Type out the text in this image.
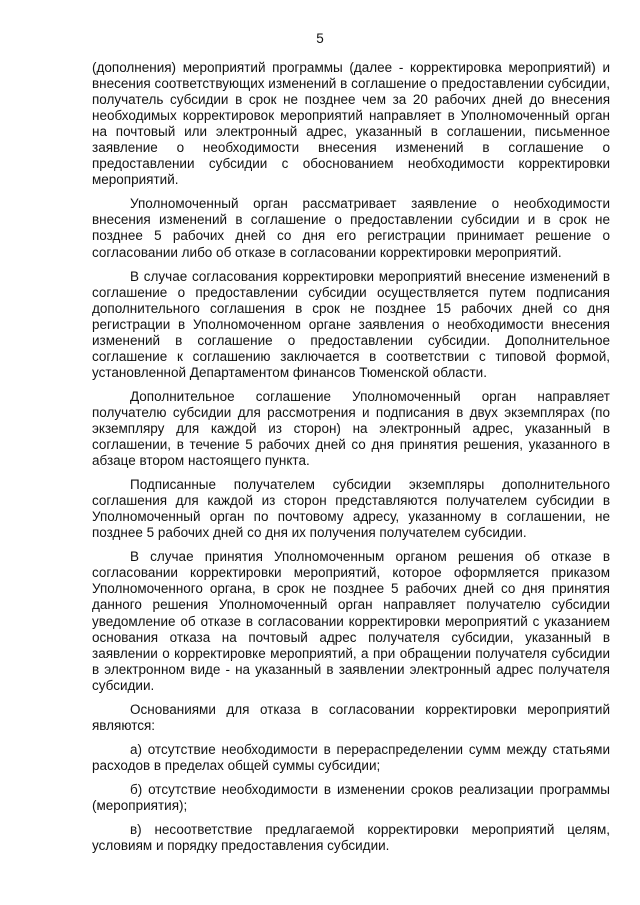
5

(дополнения) мероприятий программы (далее - корректировка мероприятий) и внесения соответствующих изменений в соглашение о предоставлении субсидии, получатель субсидии в срок не позднее чем за 20 рабочих дней до внесения необходимых корректировок мероприятий направляет в Уполномоченный орган на почтовый или электронный адрес, указанный в соглашении, письменное заявление о необходимости внесения изменений в соглашение о предоставлении субсидии с обоснованием необходимости корректировки мероприятий.

Уполномоченный орган рассматривает заявление о необходимости внесения изменений в соглашение о предоставлении субсидии и в срок не позднее 5 рабочих дней со дня его регистрации принимает решение о согласовании либо об отказе в согласовании корректировки мероприятий.

В случае согласования корректировки мероприятий внесение изменений в соглашение о предоставлении субсидии осуществляется путем подписания дополнительного соглашения в срок не позднее 15 рабочих дней со дня регистрации в Уполномоченном органе заявления о необходимости внесения изменений в соглашение о предоставлении субсидии. Дополнительное соглашение к соглашению заключается в соответствии с типовой формой, установленной Департаментом финансов Тюменской области.

Дополнительное соглашение Уполномоченный орган направляет получателю субсидии для рассмотрения и подписания в двух экземплярах (по экземпляру для каждой из сторон) на электронный адрес, указанный в соглашении, в течение 5 рабочих дней со дня принятия решения, указанного в абзаце втором настоящего пункта.

Подписанные получателем субсидии экземпляры дополнительного соглашения для каждой из сторон представляются получателем субсидии в Уполномоченный орган по почтовому адресу, указанному в соглашении, не позднее 5 рабочих дней со дня их получения получателем субсидии.

В случае принятия Уполномоченным органом решения об отказе в согласовании корректировки мероприятий, которое оформляется приказом Уполномоченного органа, в срок не позднее 5 рабочих дней со дня принятия данного решения Уполномоченный орган направляет получателю субсидии уведомление об отказе в согласовании корректировки мероприятий с указанием основания отказа на почтовый адрес получателя субсидии, указанный в заявлении о корректировке мероприятий, а при обращении получателя субсидии в электронном виде - на указанный в заявлении электронный адрес получателя субсидии.

Основаниями для отказа в согласовании корректировки мероприятий являются:

а) отсутствие необходимости в перераспределении сумм между статьями расходов в пределах общей суммы субсидии;

б) отсутствие необходимости в изменении сроков реализации программы (мероприятия);

в) несоответствие предлагаемой корректировки мероприятий целям, условиям и порядку предоставления субсидии.
